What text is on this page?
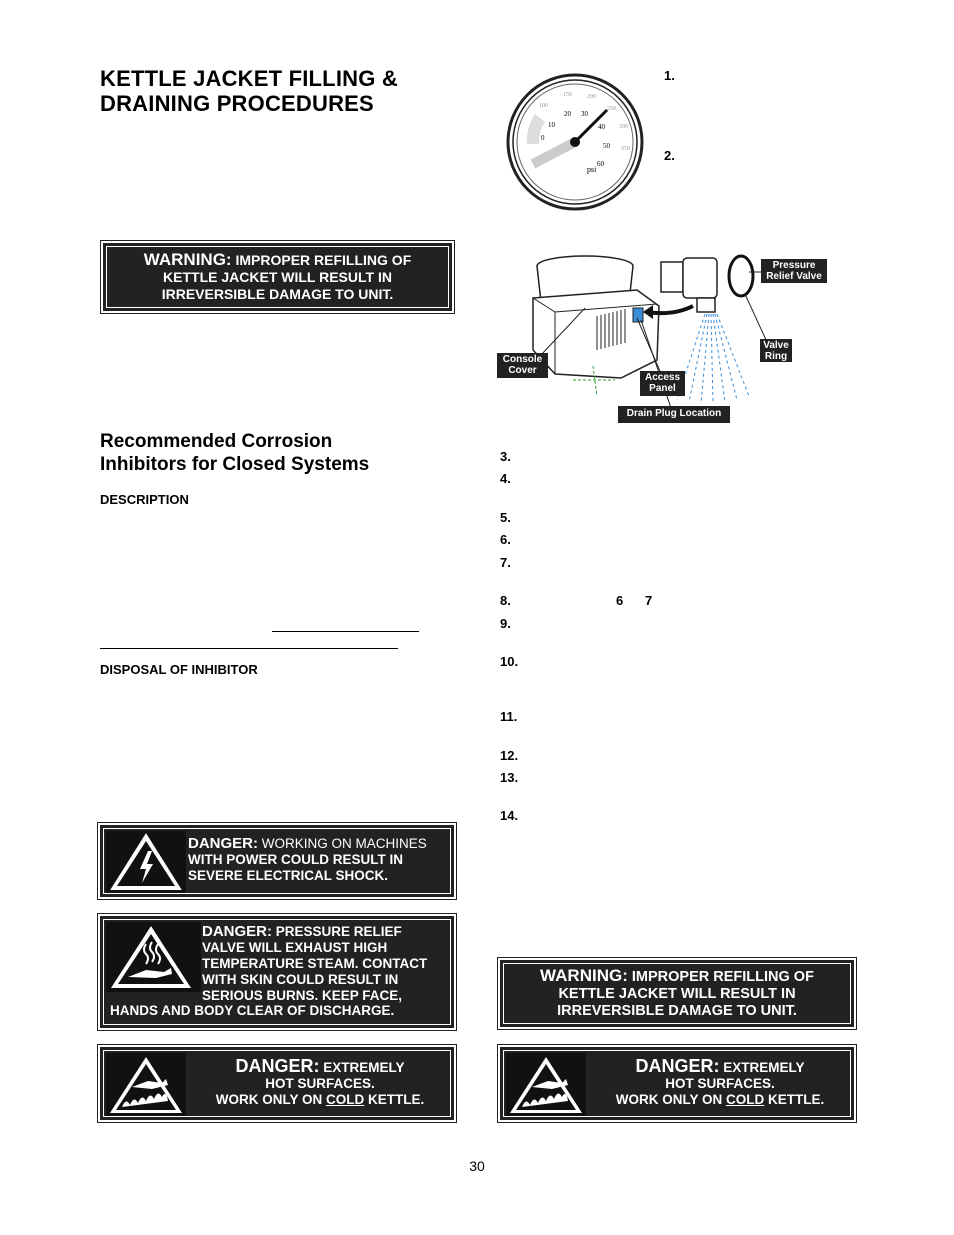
KETTLE JACKET FILLING &
DRAINING PROCEDURES
WARNING: IMPROPER REFILLING OF
KETTLE JACKET WILL RESULT IN
IRREVERSIBLE DAMAGE TO UNIT.
Recommended Corrosion
Inhibitors for Closed Systems
DESCRIPTION
DISPOSAL OF INHIBITOR
DANGER: WORKING ON MACHINES
WITH POWER COULD RESULT IN
SEVERE ELECTRICAL SHOCK.
DANGER: PRESSURE RELIEF
VALVE WILL EXHAUST HIGH
TEMPERATURE STEAM. CONTACT
WITH SKIN COULD RESULT IN
SERIOUS BURNS. KEEP FACE,
HANDS AND BODY CLEAR OF DISCHARGE.
DANGER: EXTREMELY
HOT SURFACES.
WORK ONLY ON COLD KETTLE.
0
10
20 30
40
50
60
100
150	200
250
300
350
psi
1.
2.
Pressure
Relief Valve
Valve
Ring
Console
Cover
Access
Panel
Drain Plug Location
3.
4.
5.
6.
7.
8.	6 7
9.
10.
11.
12.
13.
14.
WARNING: IMPROPER REFILLING OF
KETTLE JACKET WILL RESULT IN
IRREVERSIBLE DAMAGE TO UNIT.
DANGER: EXTREMELY
HOT SURFACES.
WORK ONLY ON COLD KETTLE.
30
